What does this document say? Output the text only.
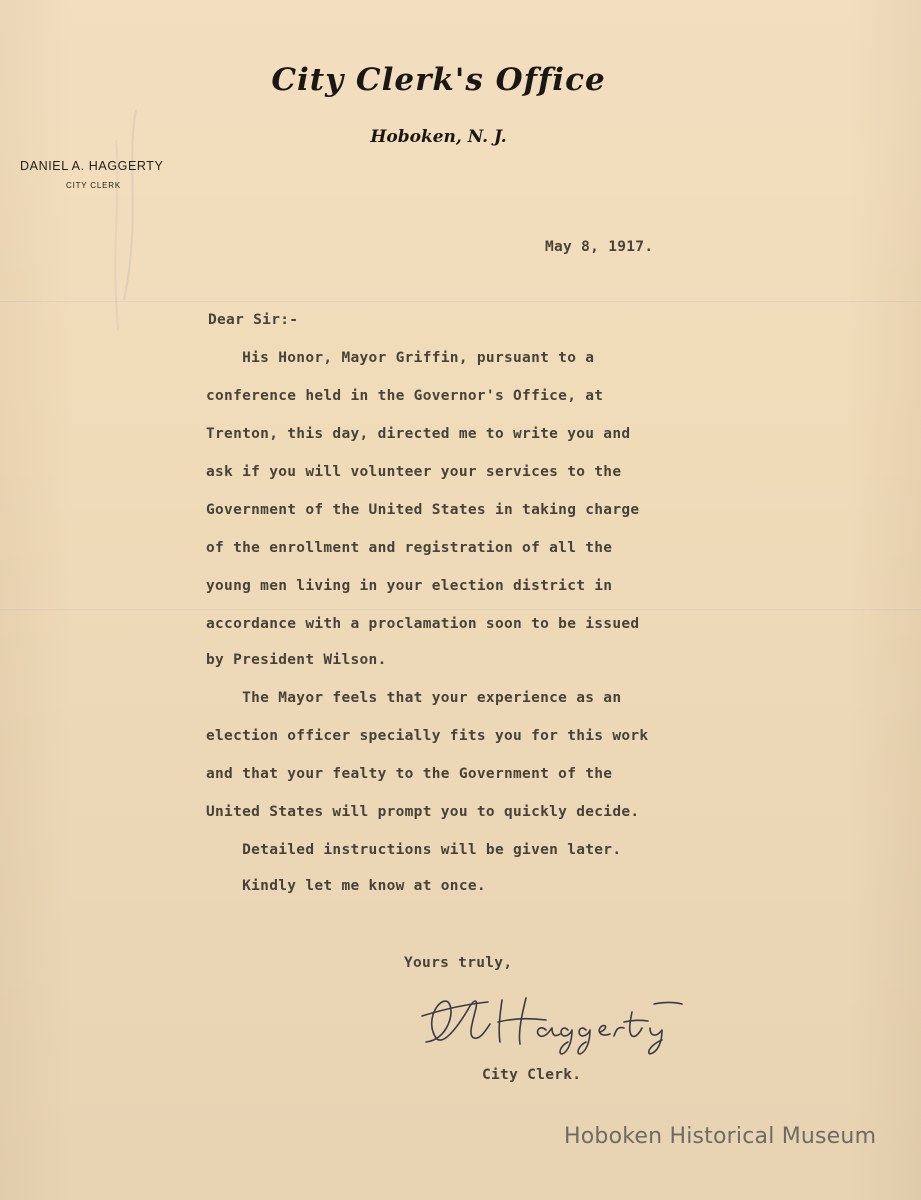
City Clerk's Office
Hoboken, N. J.
DANIEL A. HAGGERTY
CITY CLERK
May 8, 1917.
Dear Sir:-
His Honor, Mayor Griffin, pursuant to a
conference held in the Governor's Office, at
Trenton, this day, directed me to write you and
ask if you will volunteer your services to the
Government of the United States in taking charge
of the enrollment and registration of all the
young men living in your election district in
accordance with a proclamation soon to be issued
by President Wilson.
The Mayor feels that your experience as an
election officer specially fits you for this work
and that your fealty to the Government of the
United States will prompt you to quickly decide.
Detailed instructions will be given later.
Kindly let me know at once.
Yours truly,
City Clerk.
Hoboken Historical Museum
